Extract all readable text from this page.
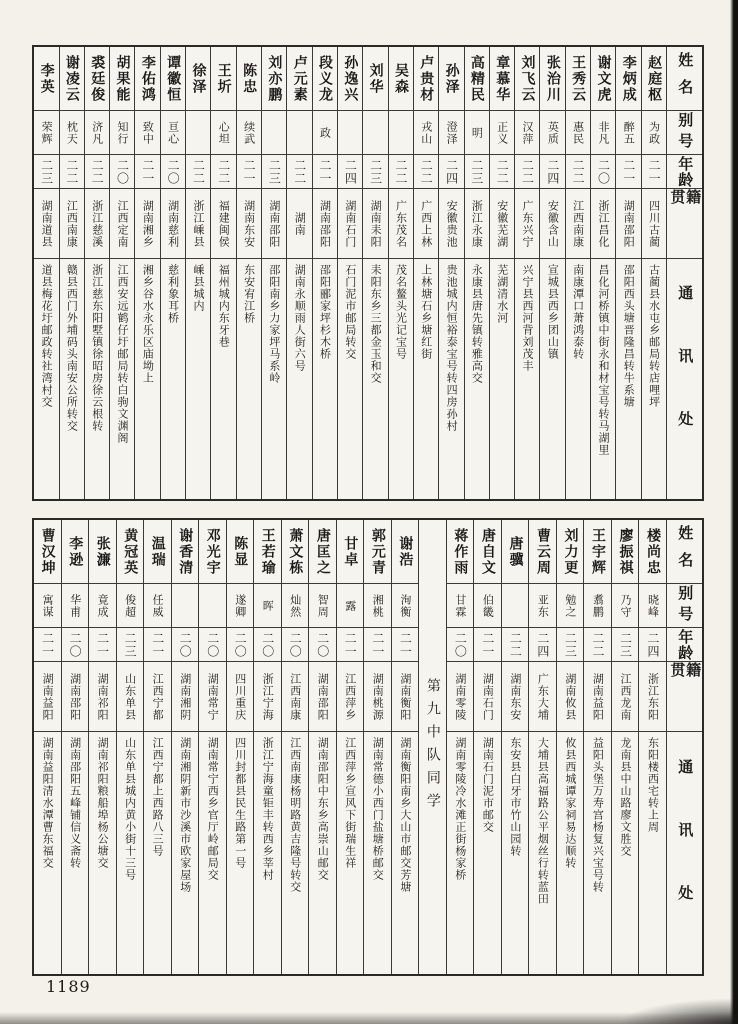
姓名
别号
年龄
籍贯
通讯处
赵庭枢
为政
二一
四川古蔺
古蔺县水屯乡邮局转店哩坪
李炳成
醉五
二一
湖南邵阳
邵阳西头塘晋隆昌转牛系塘
谢文虎
非凡
二〇
浙江昌化
昌化河桥镇中街永和材宝号转马湖里
王秀云
惠民
二二
江西南康
南康潭口萧鸿泰转
张治川
英质
二四
安徽含山
宣城县西乡团山镇
刘飞云
汉萍
二二
广东兴宁
兴宁县西河背刘茂丰
章慕华
正义
二二
安徽芜湖
芜湖清水河
高精民
明
二三
浙江永康
永康县唐先镇转雅高交
孙泽
澄泽
二四
安徽贵池
贵池城内恒裕泰宝号转四房孙村
卢贵材
戎山
二二
广西上林
上林塘石乡塘红街
吴森
二二
广东茂名
茂名鳌头光记宝号
刘华
二三
湖南耒阳
耒阳东乡三都金玉和交
孙逸兴
二四
湖南石门
石门泥市邮局转交
段义龙
政
二一
湖南邵阳
邵阳郦家坪杉木桥
卢元素
二二
湖南
湖南永顺雨人街六号
刘亦鹏
二三
湖南邵阳
邵阳南乡力家坪马系岭
陈忠
续武
二一
湖南东安
东安宥江桥
王圻
心坦
二二
福建闽侯
福州城内东牙巷
徐泽
二二
浙江嵊县
嵊县城内
谭徽恒
亘心
二〇
湖南慈利
慈利象耳桥
李佑鸿
致中
二一
湖南湘乡
湘乡谷水永乐区庙坳上
胡果能
知行
二〇
江西定南
江西安远鹤仔圩邮局转白驹文渊阁
裘廷俊
济凡
二二
浙江慈溪
浙江慈东阳墅镇徐昭房徐云根转
谢凌云
枕天
二二
江西南康
赣县西门外埔码头南安公所转交
李英
荣辉
二三
湖南道县
道县梅花圩邮政转社湾村交
姓名
别号
年龄
籍贯
通讯处
楼尚忠
晓峰
二四
浙江东阳
东阳楼西宅转上周
廖振祺
乃守
二三
江西龙南
龙南县中山路廖文胜交
王宇辉
翥鹏
二二
湖南益阳
益阳头堡万寿宫杨复兴宝号转
刘力更
勉之
二三
湖南攸县
攸县西城谭家祠易达顺转
曹云周
亚东
二四
广东大埔
大埔县高福路公平烟丝行转蓝田
唐骥
二二
湖南东安
东安县白牙市竹山园转
唐自文
伯畿
二一
湖南石门
湖南石门泥市邮交
蒋作雨
甘霖
二〇
湖南零陵
湖南零陵冷水滩正街杨家桥
第九中队同学
谢浩
洵衡
二一
湖南衡阳
湖南衡阳南乡大山市邮交芳塘
郭元青
湘桃
二一
湖南桃源
湖南常德小西门盐塘桥邮交
甘卓
露
二一
江西萍乡
江西萍乡宣风下街瑞生祥
唐匡之
智周
二〇
湖南邵阳
湖南邵阳中东乡高崇山邮交
萧文栋
灿然
二〇
江西南康
江西南康杨明路黄吉隆号转交
王若瑜
晖
二〇
浙江宁海
浙江宁海童钜丰转西乡莘村
陈显
遂卿
二〇
四川重庆
四川封都县民生路第一号
邓光宇
二〇
湖南常宁
湖南常宁西乡官厅岭邮局交
谢香清
二〇
湖南湘阴
湖南湘阴新市沙溪市欧家屋场
温瑞
任威
二一
江西宁都
江西宁都上西路八三号
黄冠英
俊超
二三
山东单县
山东单县城内黄小街十三号
张濂
竟成
二一
湖南祁阳
湖南祁阳粮船埠杨公塘交
李逊
华甫
二〇
湖南邵阳
湖南邵阳五峰铺信义斋转
曹汉坤
寓谋
二一
湖南益阳
湖南益阳清水潭曹东福交
1189
